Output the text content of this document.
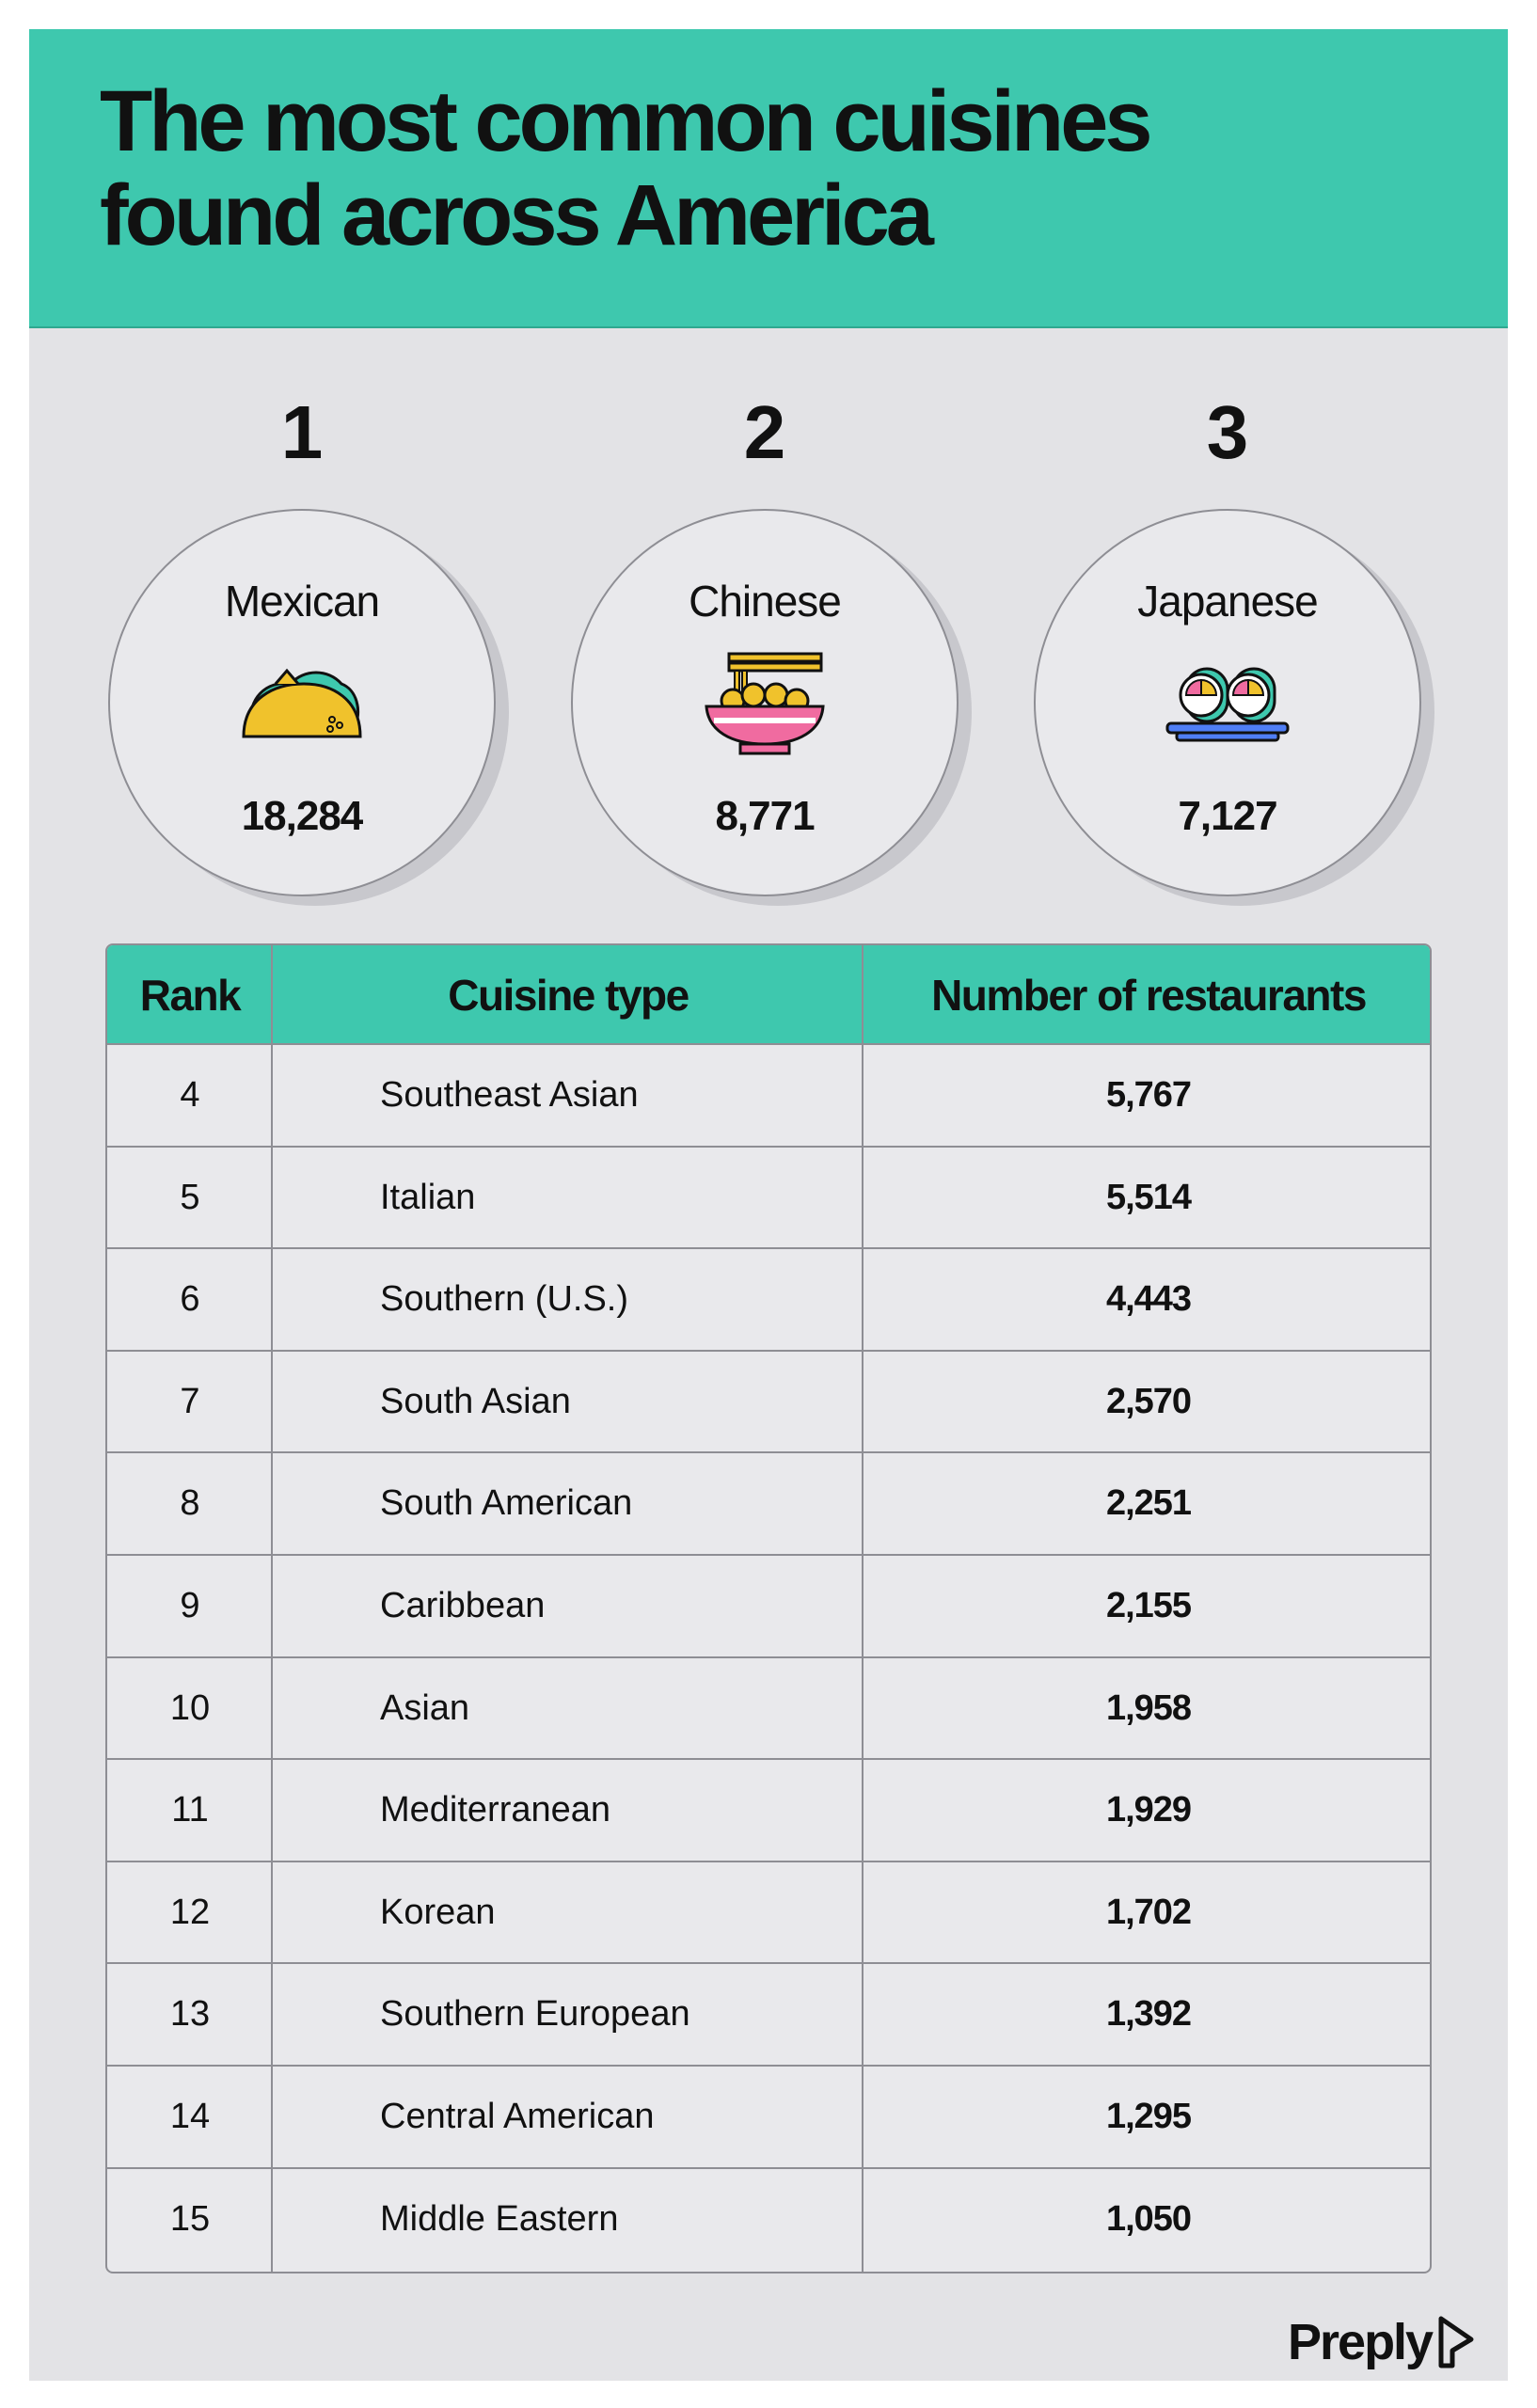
The most common cuisines
found across America
1
Mexican
18,284
2
Chinese
8,771
3
Japanese
7,127
Rank	Cuisine type	Number of restaurants
4	Southeast Asian	5,767
5	Italian	5,514
6	Southern (U.S.)	4,443
7	South Asian	2,570
8	South American	2,251
9	Caribbean	2,155
10	Asian	1,958
11	Mediterranean	1,929
12	Korean	1,702
13	Southern European	1,392
14	Central American	1,295
15	Middle Eastern	1,050
Preply
